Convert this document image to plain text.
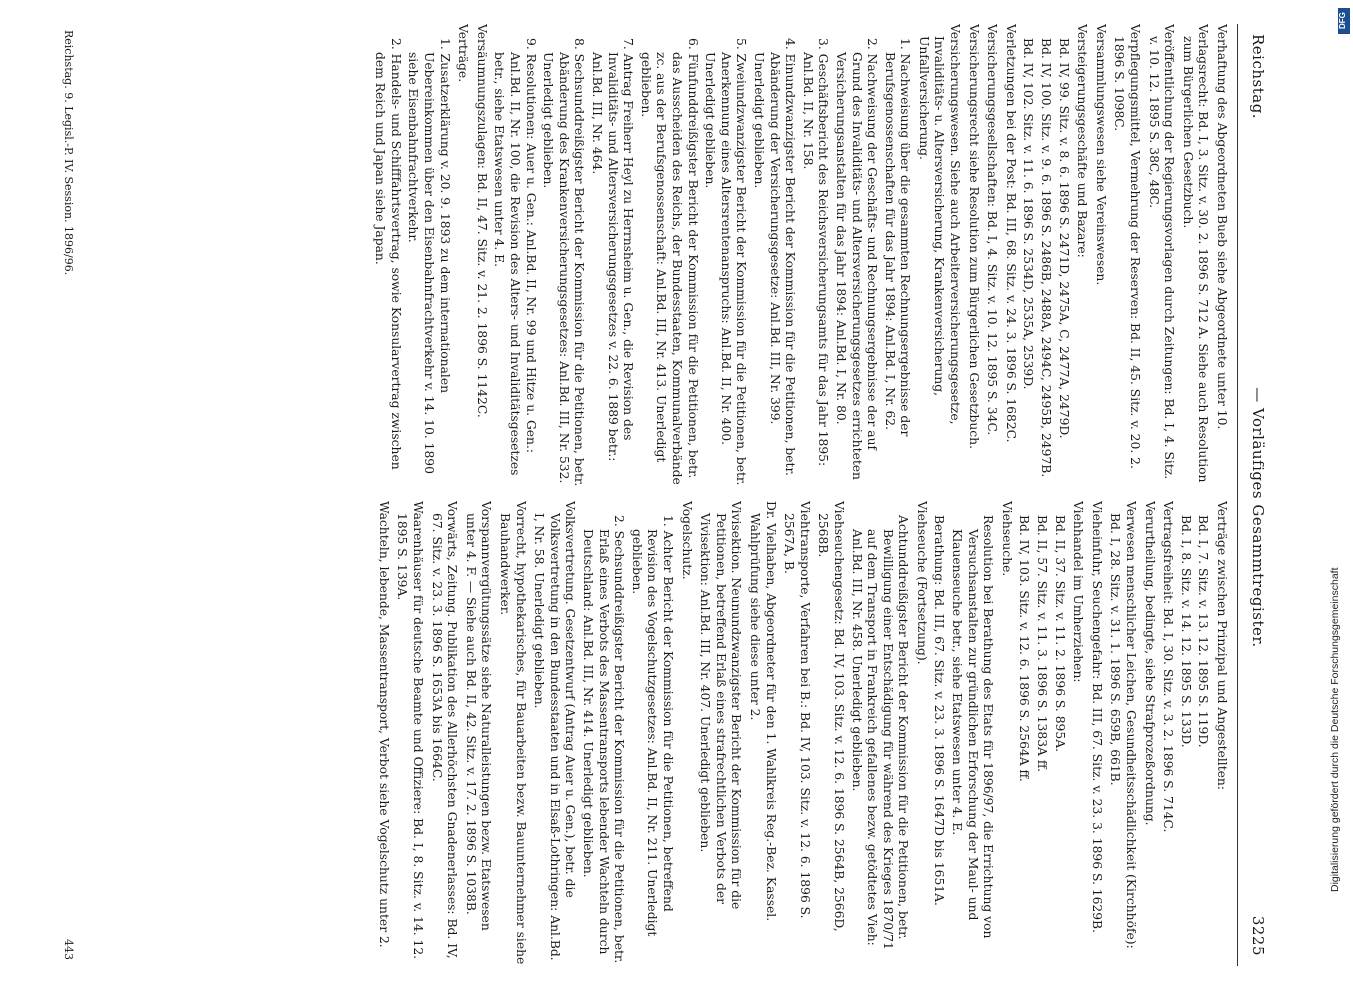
Reichstag.
— Vorläufiges Gesammtregister.
3225

Verhaftung des Abgeordneten Bueb siehe Abgeordnete unter 10.

Verlagsrecht: Bd. I, 3. Sitz. v. 30. 2. 1896 S. 712 A. Siehe auch Resolution zum Bürgerlichen Gesetzbuch.

Veröffentlichung der Regierungsvorlagen durch Zeitungen: Bd. I, 4. Sitz. v. 10. 12. 1895 S. 38C, 48C.

Verpflegungsmittel, Vermehrung der Reserven: Bd. II, 45. Sitz. v. 20. 2. 1896 S. 1098C.

Versammlungswesen siehe Vereinswesen.

Versteigerungsgeschäfte und Bazare:

Bd. IV, 99. Sitz. v. 8. 6. 1896 S. 2471D, 2475A, C, 2477A, 2479D.

Bd. IV, 100. Sitz. v. 9. 6. 1896 S. 2486B, 2488A, 2494C, 2495B, 2497B.

Bd. IV, 102. Sitz. v. 11. 6. 1896 S. 2534D, 2535A, 2539D.

Verletzungen bei der Post: Bd. III, 68. Sitz. v. 24. 3. 1896 S. 1682C.

Versicherungsgesellschaften: Bd. I, 4. Sitz. v. 10. 12. 1895 S. 34C.

Versicherungsrecht siehe Resolution zum Bürgerlichen Gesetzbuch.

Versicherungswesen. Siehe auch Arbeiterversicherungsgesetze, Invaliditäts- u. Altersversicherung, Krankenversicherung, Unfallversicherung.

1. Nachweisung über die gesammten Rechnungsergebnisse der Berufsgenossenschaften für das Jahr 1894: Anl.Bd. I, Nr. 62.

2. Nachweisung der Geschäfts- und Rechnungsergebnisse der auf Grund des Invaliditäts- und Altersversicherungsgesetzes errichteten Versicherungsanstalten für das Jahr 1894: Anl.Bd. I, Nr. 80.

3. Geschäftsbericht des Reichsversicherungsamts für das Jahr 1895: Anl.Bd. II, Nr. 158.

4. Einundzwanzigster Bericht der Kommission für die Petitionen, betr. Abänderung der Versicherungsgesetze: Anl.Bd. III, Nr. 399. Unerledigt geblieben.

5. Zweiundzwanzigster Bericht der Kommission für die Petitionen, betr. Anerkennung eines Altersrentenanspruchs: Anl.Bd. II, Nr. 400. Unerledigt geblieben.

6. Fünfunddreißigster Bericht der Kommission für die Petitionen, betr. das Ausscheiden des Reichs, der Bundesstaaten, Kommunalverbände zc. aus der Berufsgenossenschaft: Anl.Bd. III, Nr. 413. Unerledigt geblieben.

7. Antrag Freiherr Heyl zu Herrnsheim u. Gen., die Revision des Invaliditäts- und Altersversicherungsgesetzes v. 22. 6. 1889 betr.: Anl.Bd. III, Nr. 464.

8. Sechsunddreißigster Bericht der Kommission für die Petitionen, betr. Abänderung des Krankenversicherungsgesetzes: Anl.Bd. III, Nr. 532. Unerledigt geblieben.

9. Resolutionen: Auer u. Gen.: Anl.Bd. II, Nr. 99 und Hitze u. Gen.: Anl.Bd. II, Nr. 100, die Revision des Alters- und Invaliditätsgesetzes betr., siehe Etatswesen unter 4. E.

Versäumnungszulagen: Bd. II, 47. Sitz. v. 21. 2. 1896 S. 1142C.

Verträge.

1. Zusatzerklärung v. 20. 9. 1893 zu dem internationalen Uebereinkommen über den Eisenbahnfrachtverkehr v. 14. 10. 1890 siehe Eisenbahnfrachtverkehr.

2. Handels- und Schifffahrtsvertrag, sowie Konsularvertrag zwischen dem Reich und Japan siehe Japan.

Verträge zwischen Prinzipal und Angestellten:

Bd. I, 7. Sitz. v. 13. 12. 1895 S. 119D.

Bd. I, 8. Sitz. v. 14. 12. 1895 S. 133D.

Vertragsfreiheit: Bd. I, 30. Sitz. v. 3. 2. 1896 S. 714C.

Verurtheilung, bedingte, siehe Strafprozeßordnung.

Verwesen menschlicher Leichen, Gesundheitsschädlichkeit (Kirchhöfe): Bd. I, 28. Sitz. v. 31. 1. 1896 S. 659B, 661B.

Vieheinfuhr, Seuchengefahr: Bd. III, 67. Sitz. v. 23. 3. 1896 S. 1629B.

Viehhandel im Umherziehen:

Bd. II, 37. Sitz. v. 11. 2. 1896 S. 895A.

Bd. II, 57. Sitz. v. 11. 3. 1896 S. 1383A ff.

Bd. IV, 103. Sitz. v. 12. 6. 1896 S. 2564A ff.

Viehseuche.

Resolution bei Berathung des Etats für 1896/97, die Errichtung von Versuchsanstalten zur gründlichen Erforschung der Maul- und Klauenseuche betr., siehe Etatswesen unter 4. E.

Berathung: Bd. III, 67. Sitz. v. 23. 3. 1896 S. 1647D bis 1651A.

Viehseuche (Fortsetzung).

Achtunddreißigster Bericht der Kommission für die Petitionen, betr. Bewilligung einer Entschädigung für während des Krieges 1870/71 auf dem Transport in Frankreich gefallenes bezw. getödtetes Vieh: Anl.Bd. III, Nr. 458. Unerledigt geblieben.

Viehseuchengesetz: Bd. IV, 103. Sitz. v. 12. 6. 1896 S. 2564B, 2566D, 2568B.

Viehtransporte, Verfahren bei B.: Bd. IV, 103. Sitz. v. 12. 6. 1896 S. 2567A, B.

Dr. Vielhaben, Abgeordneter für den 1. Wahlkreis Reg.-Bez. Kassel. Wahlprüfung siehe diese unter 2.

Vivisektion. Neunundzwanzigster Bericht der Kommission für die Petitionen, betreffend Erlaß eines strafrechtlichen Verbots der Vivisektion: Anl.Bd. III, Nr. 407. Unerledigt geblieben.

Vogelschutz.

1. Achter Bericht der Kommission für die Petitionen, betreffend Revision des Vogelschutzgesetzes: Anl.Bd. II, Nr. 211. Unerledigt geblieben.

2. Sechsunddreißigster Bericht der Kommission für die Petitionen, betr. Erlaß eines Verbots des Massentransports lebender Wachteln durch Deutschland: Anl.Bd. III, Nr. 414. Unerledigt geblieben.

Volksvertretung. Gesetzentwurf (Antrag Auer u. Gen.), betr. die Volksvertretung in den Bundesstaaten und in Elsaß-Lothringen: Anl.Bd. I, Nr. 58. Unerledigt geblieben.

Vorrecht, hypothekarisches, für Bauarbeiten bezw. Bauunternehmer siehe Bauhandwerker.

Vorspannvergütungssätze siehe Naturalleistungen bezw. Etatswesen unter 4. F. — Siehe auch Bd. II, 42. Sitz. v. 17. 2. 1896 S. 1038B.

Vorwärts, Zeitung. Publikation des Allerhöchsten Gnadenerlasses: Bd. IV, 67. Sitz. v. 23. 3. 1896 S. 1653A bis 1664C.

Waarenhäuser für deutsche Beamte und Offiziere: Bd. I, 8. Sitz. v. 14. 12. 1895 S. 139A.

Wachteln, lebende, Massentransport, Verbot siehe Vogelschutz unter 2.

Reichstag. 9. Legisl.-P. IV. Session. 1896/96.
443
Digitalisierung gefördert durch die Deutsche Forschungsgemeinschaft
DFG
